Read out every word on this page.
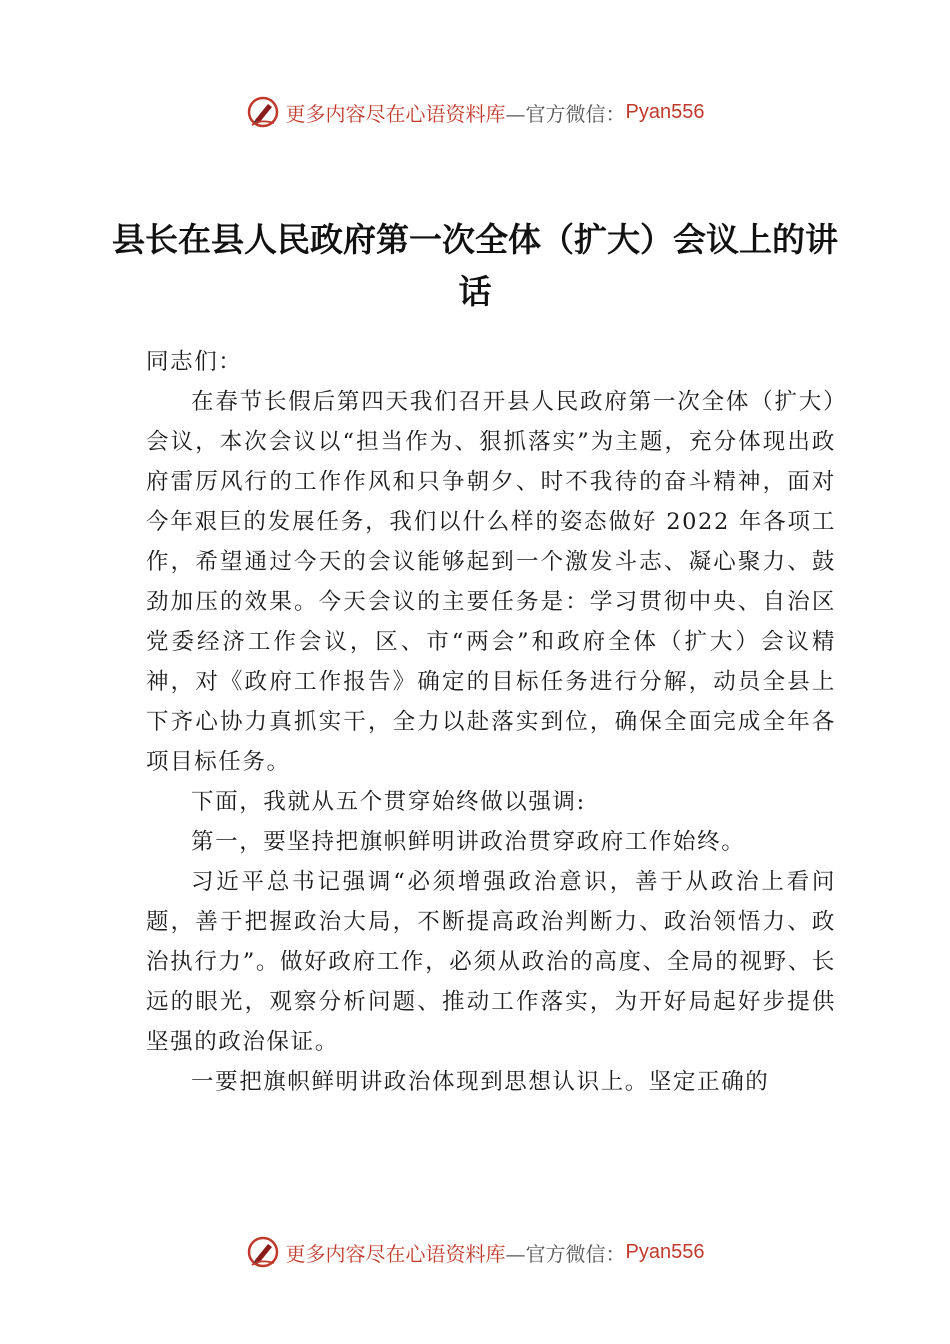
更多内容尽在心语资料库 —官方微信： Pyan556
县长在县人民政府第一次全体（扩大）会议上的讲话

同志们：

在春节长假后第四天我们召开县人民政府第一次全体（扩大）会议，本次会议以“担当作为、狠抓落实”为主题，充分体现出政府雷厉风行的工作作风和只争朝夕、时不我待的奋斗精神，面对今年艰巨的发展任务，我们以什么样的姿态做好 2022 年各项工作，希望通过今天的会议能够起到一个激发斗志、凝心聚力、鼓劲加压的效果。今天会议的主要任务是：学习贯彻中央、自治区党委经济工作会议，区、市“两会”和政府全体（扩大）会议精神，对《政府工作报告》确定的目标任务进行分解，动员全县上下齐心协力真抓实干，全力以赴落实到位，确保全面完成全年各项目标任务。

下面，我就从五个贯穿始终做以强调:

第一，要坚持把旗帜鲜明讲政治贯穿政府工作始终。

习近平总书记强调“必须增强政治意识，善于从政治上看问题，善于把握政治大局，不断提高政治判断力、政治领悟力、政治执行力”。做好政府工作，必须从政治的高度、全局的视野、长远的眼光，观察分析问题、推动工作落实，为开好局起好步提供坚强的政治保证。

一要把旗帜鲜明讲政治体现到思想认识上。坚定正确的

更多内容尽在心语资料库 —官方微信： Pyan556
